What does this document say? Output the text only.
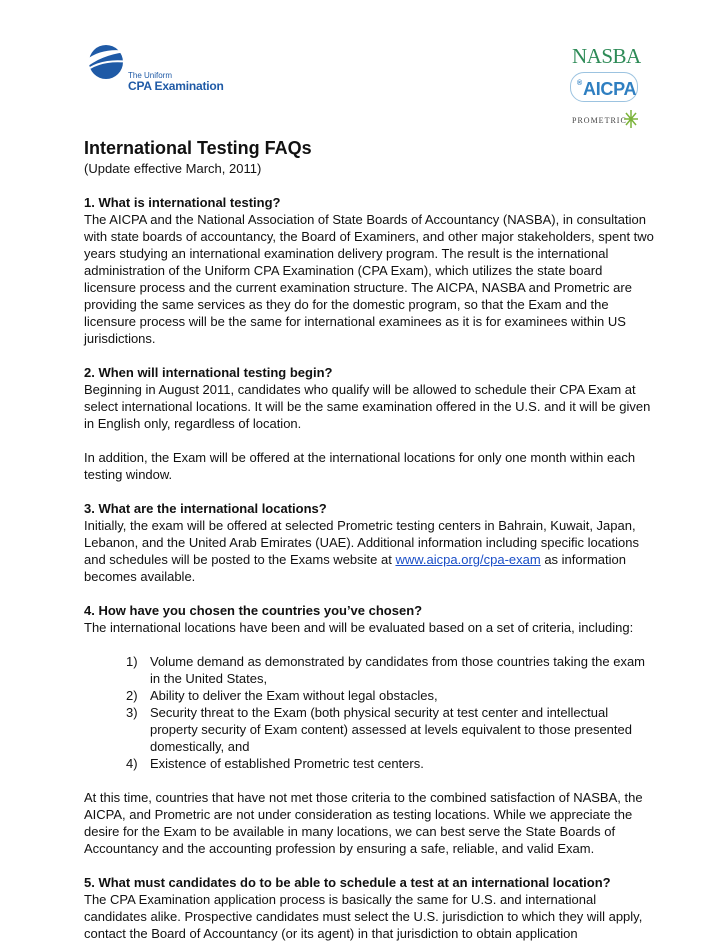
The Uniform
CPA Examination
NASBA
AICPA
®
PROMETRIC

International Testing FAQs

(Update effective March, 2011)

1. What is international testing?

The AICPA and the National Association of State Boards of Accountancy (NASBA), in consultation with state boards of accountancy, the Board of Examiners, and other major stakeholders, spent two years studying an international examination delivery program. The result is the international administration of the Uniform CPA Examination (CPA Exam), which utilizes the state board licensure process and the current examination structure. The AICPA, NASBA and Prometric are providing the same services as they do for the domestic program, so that the Exam and the licensure process will be the same for international examinees as it is for examinees within US jurisdictions.

2. When will international testing begin?

Beginning in August 2011, candidates who qualify will be allowed to schedule their CPA Exam at select international locations. It will be the same examination offered in the U.S. and it will be given in English only, regardless of location.

In addition, the Exam will be offered at the international locations for only one month within each testing window.

3. What are the international locations?

Initially, the exam will be offered at selected Prometric testing centers in Bahrain, Kuwait, Japan, Lebanon, and the United Arab Emirates (UAE). Additional information including specific locations and schedules will be posted to the Exams website at www.aicpa.org/cpa-exam as information becomes available.

4. How have you chosen the countries you’ve chosen?

The international locations have been and will be evaluated based on a set of criteria, including:

1) Volume demand as demonstrated by candidates from those countries taking the exam in the United States,
2) Ability to deliver the Exam without legal obstacles,
3) Security threat to the Exam (both physical security at test center and intellectual property security of Exam content) assessed at levels equivalent to those presented domestically, and
4) Existence of established Prometric test centers.

At this time, countries that have not met those criteria to the combined satisfaction of NASBA, the AICPA, and Prometric are not under consideration as testing locations. While we appreciate the desire for the Exam to be available in many locations, we can best serve the State Boards of Accountancy and the accounting profession by ensuring a safe, reliable, and valid Exam.

5. What must candidates do to be able to schedule a test at an international location?

The CPA Examination application process is basically the same for U.S. and international candidates alike. Prospective candidates must select the U.S. jurisdiction to which they will apply, contact the Board of Accountancy (or its agent) in that jurisdiction to obtain application
